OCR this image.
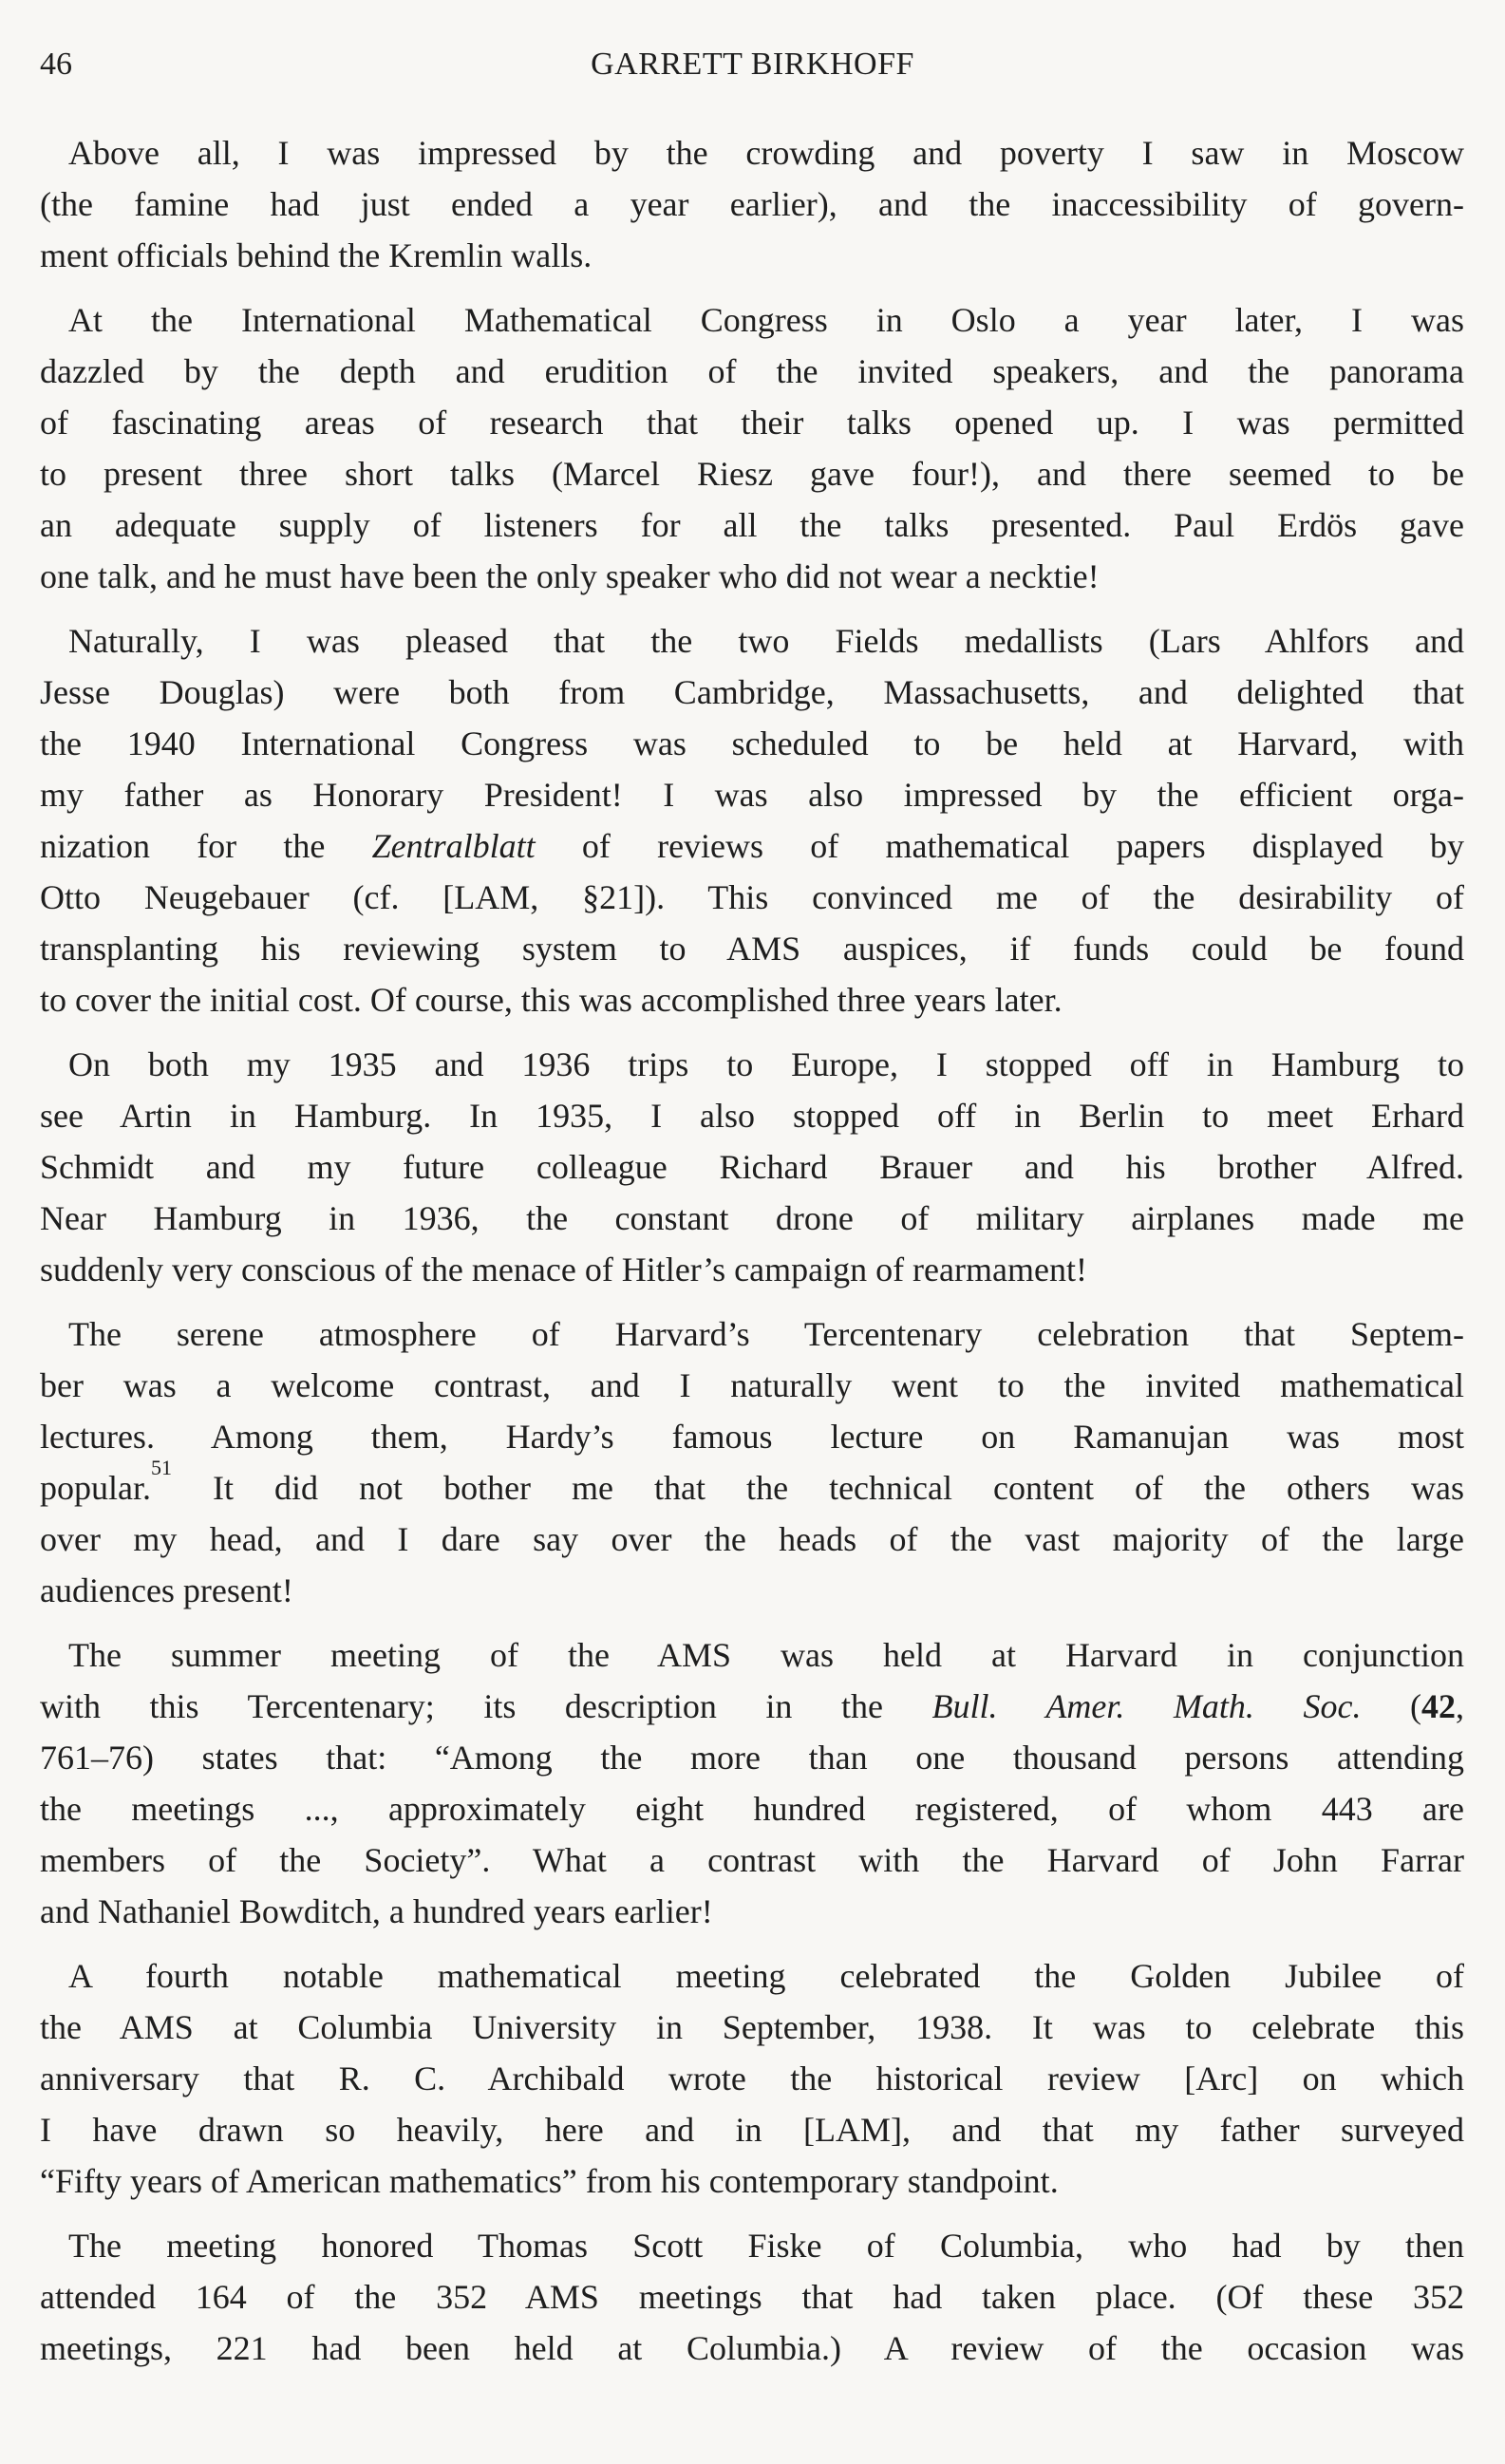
46	GARRETT BIRKHOFF
Above all, I was impressed by the crowding and poverty I saw in Moscow
(the famine had just ended a year earlier), and the inaccessibility of govern-
ment officials behind the Kremlin walls.
At the International Mathematical Congress in Oslo a year later, I was
dazzled by the depth and erudition of the invited speakers, and the panorama
of fascinating areas of research that their talks opened up. I was permitted
to present three short talks (Marcel Riesz gave four!), and there seemed to be
an adequate supply of listeners for all the talks presented. Paul Erdös gave
one talk, and he must have been the only speaker who did not wear a necktie!
Naturally, I was pleased that the two Fields medallists (Lars Ahlfors and
Jesse Douglas) were both from Cambridge, Massachusetts, and delighted that
the 1940 International Congress was scheduled to be held at Harvard, with
my father as Honorary President! I was also impressed by the efficient orga-
nization for the Zentralblatt of reviews of mathematical papers displayed by
Otto Neugebauer (cf. [LAM, §21]). This convinced me of the desirability of
transplanting his reviewing system to AMS auspices, if funds could be found
to cover the initial cost. Of course, this was accomplished three years later.
On both my 1935 and 1936 trips to Europe, I stopped off in Hamburg to
see Artin in Hamburg. In 1935, I also stopped off in Berlin to meet Erhard
Schmidt and my future colleague Richard Brauer and his brother Alfred.
Near Hamburg in 1936, the constant drone of military airplanes made me
suddenly very conscious of the menace of Hitler’s campaign of rearmament!
The serene atmosphere of Harvard’s Tercentenary celebration that Septem-
ber was a welcome contrast, and I naturally went to the invited mathematical
lectures. Among them, Hardy’s famous lecture on Ramanujan was most
popular.$^{51}$ It did not bother me that the technical content of the others was
over my head, and I dare say over the heads of the vast majority of the large
audiences present!
The summer meeting of the AMS was held at Harvard in conjunction
with this Tercentenary; its description in the Bull. Amer. Math. Soc. (42,
761–76) states that: “Among the more than one thousand persons attending
the meetings ..., approximately eight hundred registered, of whom 443 are
members of the Society”. What a contrast with the Harvard of John Farrar
and Nathaniel Bowditch, a hundred years earlier!
A fourth notable mathematical meeting celebrated the Golden Jubilee of
the AMS at Columbia University in September, 1938. It was to celebrate this
anniversary that R. C. Archibald wrote the historical review [Arc] on which
I have drawn so heavily, here and in [LAM], and that my father surveyed
“Fifty years of American mathematics” from his contemporary standpoint.
The meeting honored Thomas Scott Fiske of Columbia, who had by then
attended 164 of the 352 AMS meetings that had taken place. (Of these 352
meetings, 221 had been held at Columbia.) A review of the occasion was
